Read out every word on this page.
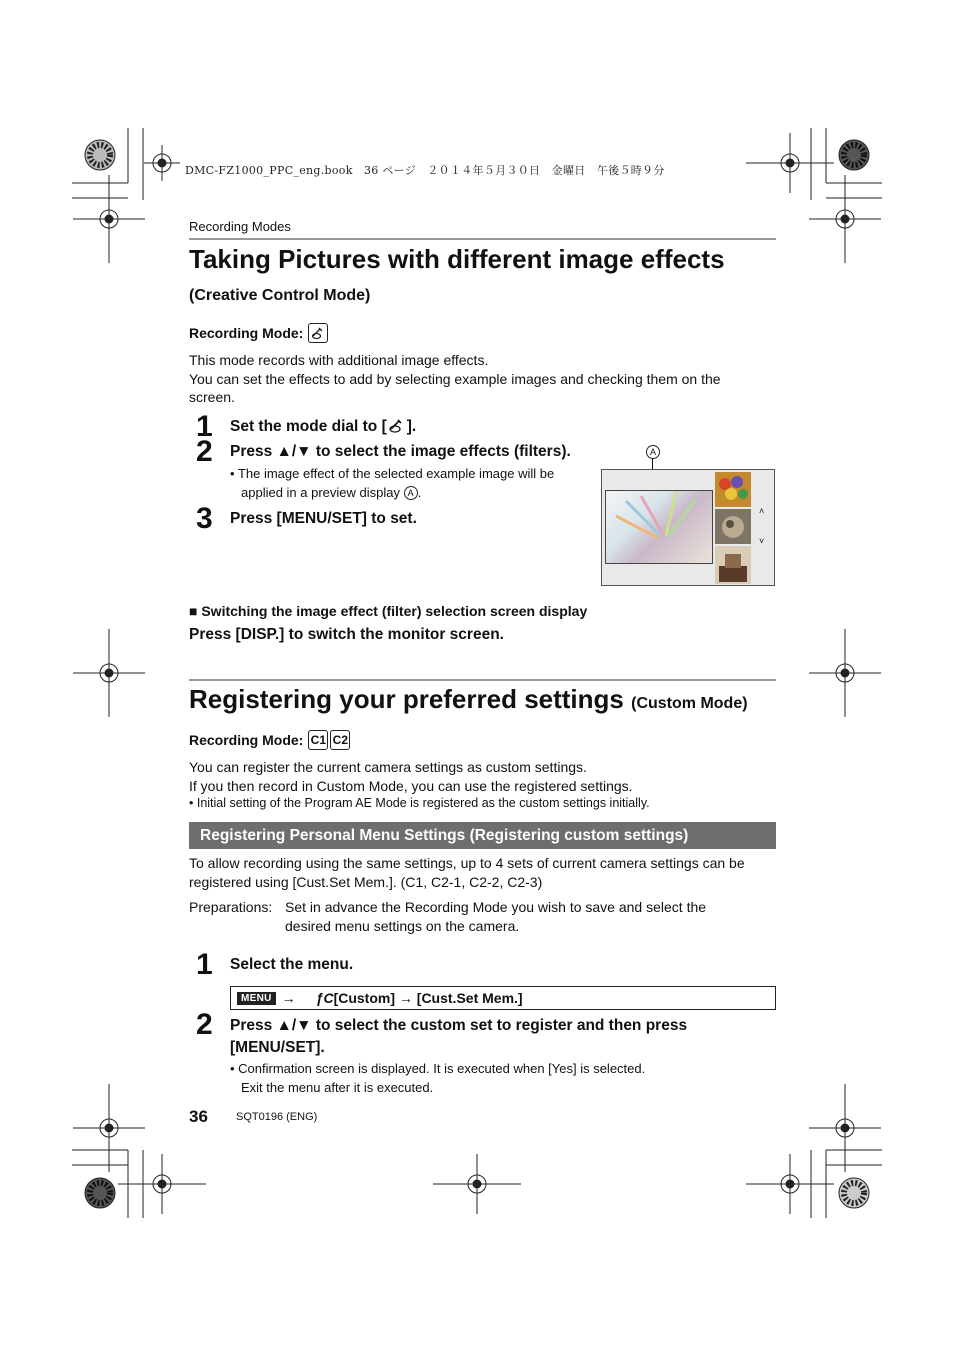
DMC-FZ1000_PPC_eng.book　36 ページ　２０１４年５月３０日　金曜日　午後５時９分
Recording Modes
Taking Pictures with different image effects
(Creative Control Mode)
Recording Mode:
This mode records with additional image effects.
You can set the effects to add by selecting example images and checking them on the screen.
1 Set the mode dial to [ ].
2 Press ▲/▼ to select the image effects (filters).
• The image effect of the selected example image will be
applied in a preview display A .
3 Press [MENU/SET] to set.
A
˄
˅
■ Switching the image effect (filter) selection screen display
Press [DISP.] to switch the monitor screen.
Registering your preferred settings (Custom Mode)
Recording Mode: C1 C2
You can register the current camera settings as custom settings.
If you then record in Custom Mode, you can use the registered settings.
• Initial setting of the Program AE Mode is registered as the custom settings initially.
Registering Personal Menu Settings (Registering custom settings)
To allow recording using the same settings, up to 4 sets of current camera settings can be
registered using [Cust.Set Mem.]. (C1, C2-1, C2-2, C2-3)
Preparations: Set in advance the Recording Mode you wish to save and select the
desired menu settings on the camera.
1 Select the menu.
MENU → ƒC [Custom] → [Cust.Set Mem.]
2 Press ▲/▼ to select the custom set to register and then press
[MENU/SET].
• Confirmation screen is displayed. It is executed when [Yes] is selected.
Exit the menu after it is executed.
36	SQT0196 (ENG)
